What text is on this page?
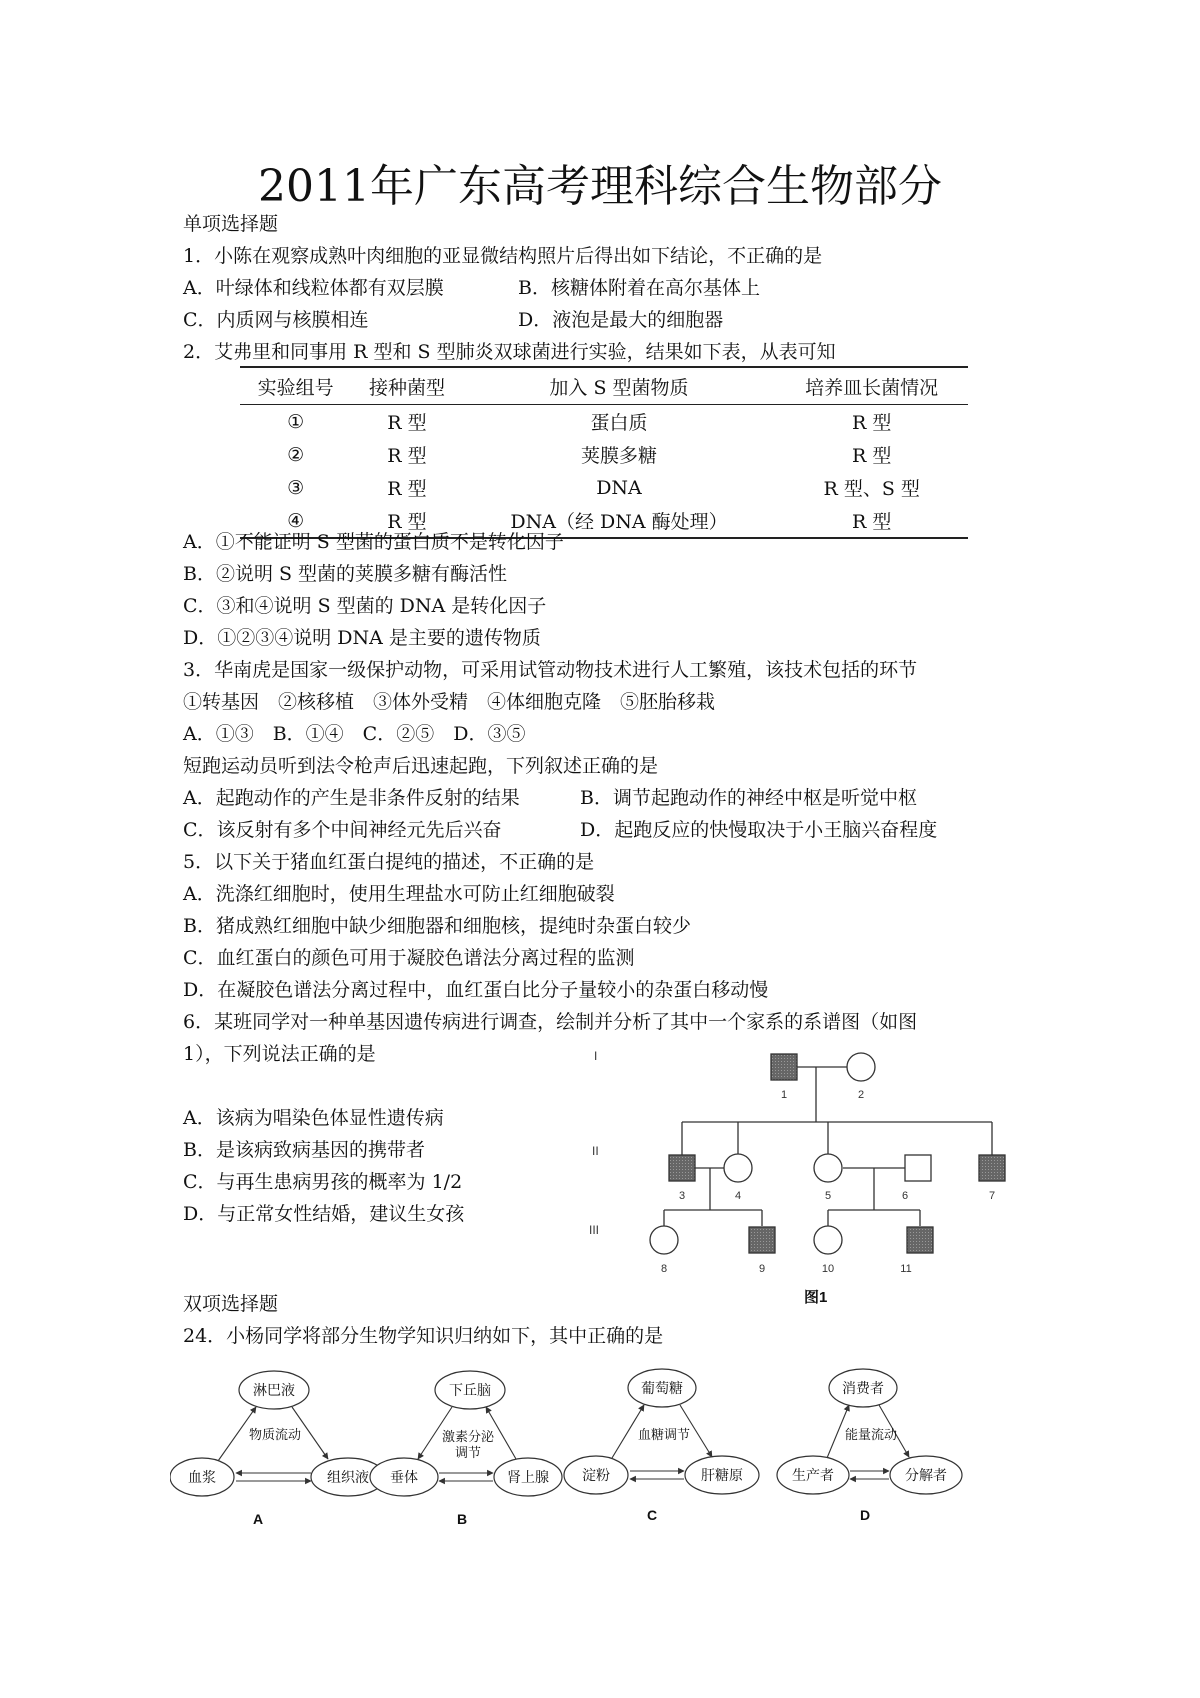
2011年广东高考理科综合生物部分
单项选择题
1．小陈在观察成熟叶肉细胞的亚显微结构照片后得出如下结论，不正确的是
A．叶绿体和线粒体都有双层膜	B．核糖体附着在高尔基体上
C．内质网与核膜相连	D．液泡是最大的细胞器
2．艾弗里和同事用 R 型和 S 型肺炎双球菌进行实验，结果如下表，从表可知
实验组号	接种菌型	加入 S 型菌物质	培养皿长菌情况
①	R 型	蛋白质	R 型
②	R 型	荚膜多糖	R 型
③	R 型	DNA	R 型、S 型
④	R 型	DNA（经 DNA 酶处理）	R 型
A．①不能证明 S 型菌的蛋白质不是转化因子
B．②说明 S 型菌的荚膜多糖有酶活性
C．③和④说明 S 型菌的 DNA 是转化因子
D．①②③④说明 DNA 是主要的遗传物质
3．华南虎是国家一级保护动物，可采用试管动物技术进行人工繁殖，该技术包括的环节
①转基因　②核移植　③体外受精　④体细胞克隆　⑤胚胎移栽
A．①③　B．①④　C．②⑤　D．③⑤
短跑运动员听到法令枪声后迅速起跑，下列叙述正确的是
A．起跑动作的产生是非条件反射的结果	B．调节起跑动作的神经中枢是听觉中枢
C．该反射有多个中间神经元先后兴奋	D．起跑反应的快慢取决于小王脑兴奋程度
5．以下关于猪血红蛋白提纯的描述，不正确的是
A．洗涤红细胞时，使用生理盐水可防止红细胞破裂
B．猪成熟红细胞中缺少细胞器和细胞核，提纯时杂蛋白较少
C．血红蛋白的颜色可用于凝胶色谱法分离过程的监测
D．在凝胶色谱法分离过程中，血红蛋白比分子量较小的杂蛋白移动慢
6．某班同学对一种单基因遗传病进行调查，绘制并分析了其中一个家系的系谱图（如图
1），下列说法正确的是
A．该病为唱染色体显性遗传病
B．是该病致病基因的携带者
C．与再生患病男孩的概率为 1/2
D．与正常女性结婚，建议生女孩
I
II
III
1	2
3	4	5	6	7
8	9	10	11
图1
双项选择题
24．小杨同学将部分生物学知识归纳如下，其中正确的是
淋巴液
血浆	组织液
物质流动
A
下丘脑
垂体	肾上腺
激素分泌
调节
B
葡萄糖
淀粉	肝糖原
血糖调节
C
消费者
生产者	分解者
能量流动
D
